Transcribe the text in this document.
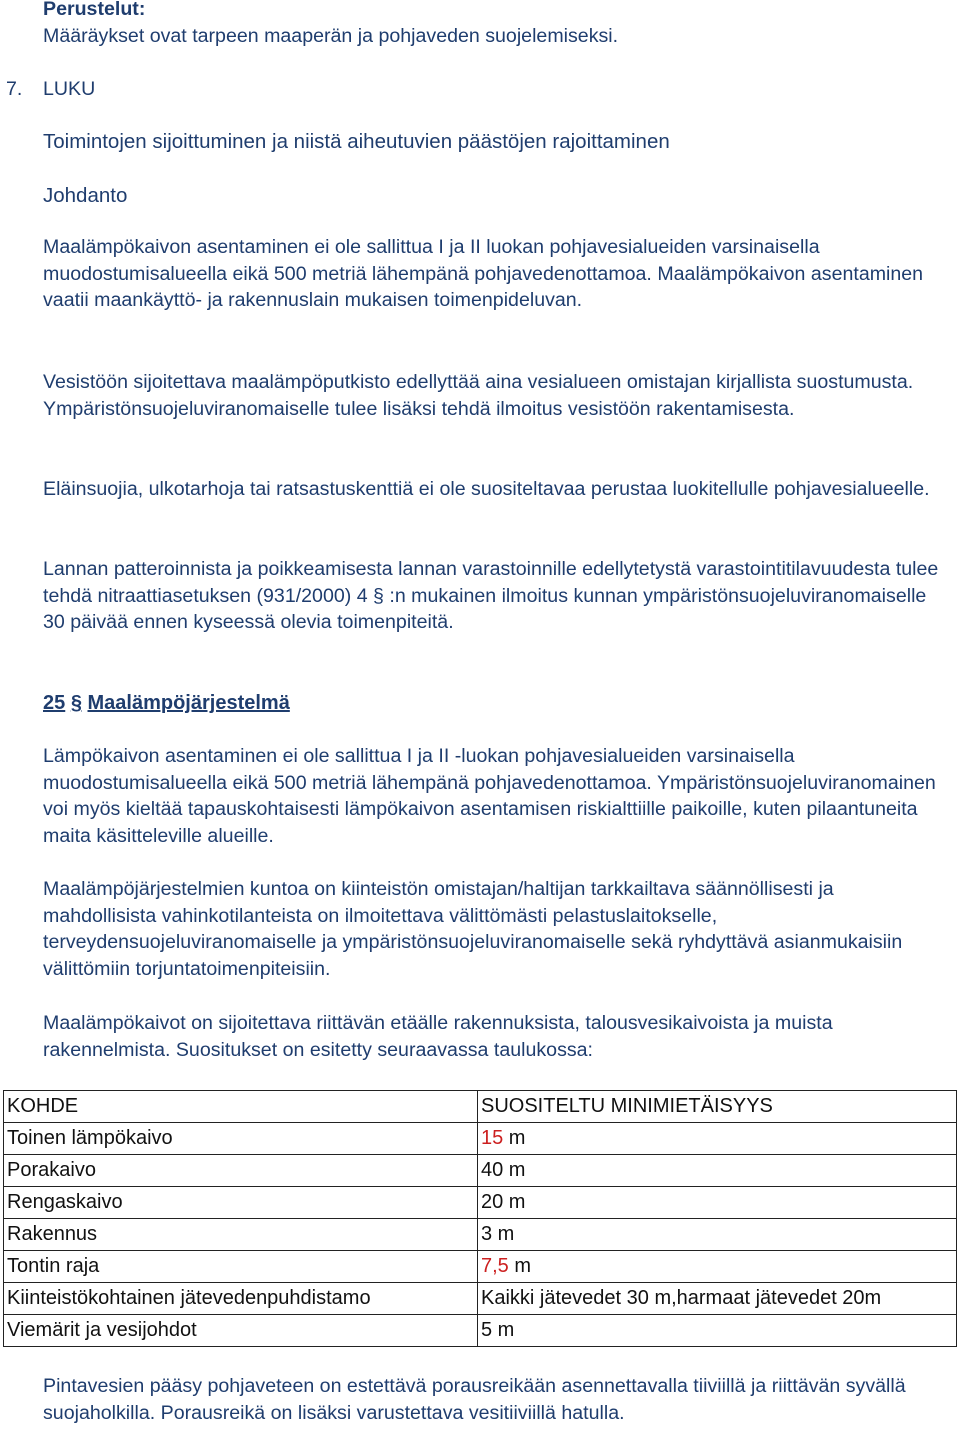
Perustelut:
Määräykset ovat tarpeen maaperän ja pohjaveden suojelemiseksi.
7. LUKU
Toimintojen sijoittuminen ja niistä aiheutuvien päästöjen rajoittaminen
Johdanto

Maalämpökaivon asentaminen ei ole sallittua I ja II luokan pohjavesialueiden varsinaisella muodostumisalueella eikä 500 metriä lähempänä pohjavedenottamoa. Maalämpökaivon asentaminen vaatii maankäyttö- ja rakennuslain mukaisen toimenpideluvan.

Vesistöön sijoitettava maalämpöputkisto edellyttää aina vesialueen omistajan kirjallista suostumusta. Ympäristönsuojeluviranomaiselle tulee lisäksi tehdä ilmoitus vesistöön rakentamisesta.

Eläinsuojia, ulkotarhoja tai ratsastuskenttiä ei ole suositeltavaa perustaa luokitellulle pohjavesialueelle.

Lannan patteroinnista ja poikkeamisesta lannan varastoinnille edellytetystä varastointitilavuudesta tulee tehdä nitraattiasetuksen (931/2000) 4 § :n mukainen ilmoitus kunnan ympäristönsuojeluviranomaiselle 30 päivää ennen kyseessä olevia toimenpiteitä.

25 § Maalämpöjärjestelmä

Lämpökaivon asentaminen ei ole sallittua I ja II -luokan pohjavesialueiden varsinaisella muodostumisalueella eikä 500 metriä lähempänä pohjavedenottamoa. Ympäristönsuojeluviranomainen voi myös kieltää tapauskohtaisesti lämpökaivon asentamisen riskialttiille paikoille, kuten pilaantuneita maita käsitteleville alueille.

Maalämpöjärjestelmien kuntoa on kiinteistön omistajan/haltijan tarkkailtava säännöllisesti ja mahdollisista vahinkotilanteista on ilmoitettava välittömästi pelastuslaitokselle, terveydensuojeluviranomaiselle ja ympäristönsuojeluviranomaiselle sekä ryhdyttävä asianmukaisiin välittömiin torjuntatoimenpiteisiin.

Maalämpökaivot on sijoitettava riittävän etäälle rakennuksista, talousvesikaivoista ja muista rakennelmista. Suositukset on esitetty seuraavassa taulukossa:

KOHDE	SUOSITELTU MINIMIETÄISYYS
Toinen lämpökaivo	15 m
Porakaivo	40 m
Rengaskaivo	20 m
Rakennus	3 m
Tontin raja	7,5 m
Kiinteistökohtainen jätevedenpuhdistamo	Kaikki jätevedet 30 m,harmaat jätevedet 20m
Viemärit ja vesijohdot	5 m

Pintavesien pääsy pohjaveteen on estettävä porausreikään asennettavalla tiiviillä ja riittävän syvällä suojaholkilla. Porausreikä on lisäksi varustettava vesitiiviillä hatulla.
